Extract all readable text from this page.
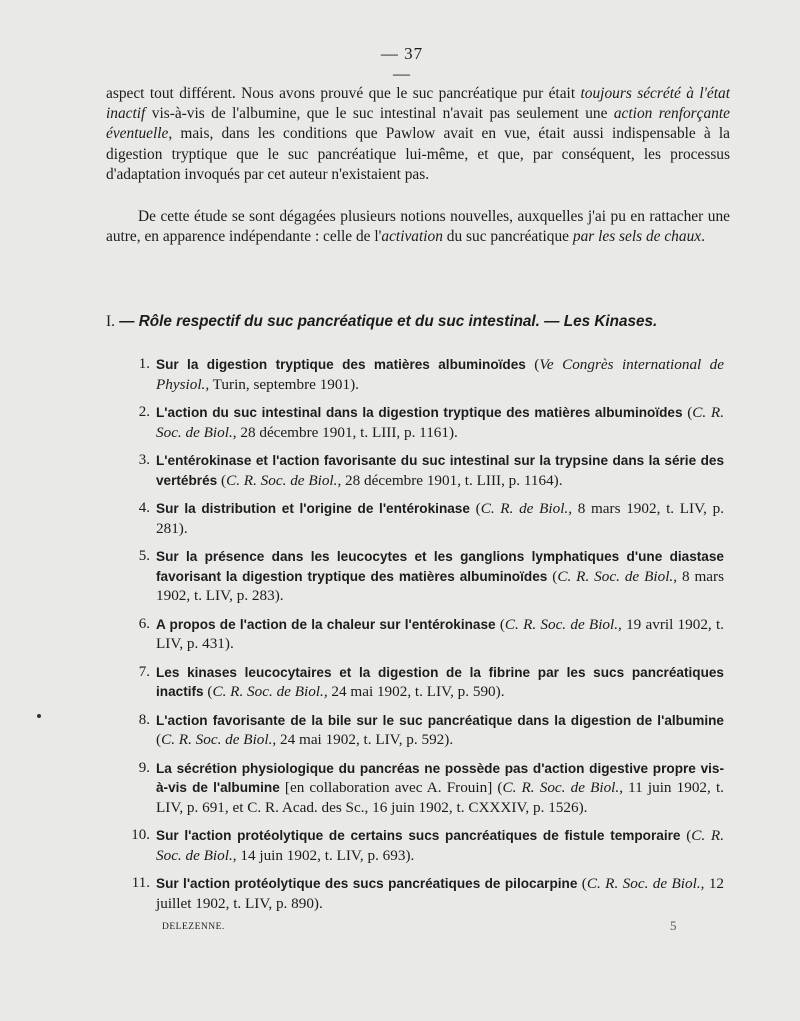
— 37 —

aspect tout différent. Nous avons prouvé que le suc pancréatique pur était toujours sécrété à l'état inactif vis-à-vis de l'albumine, que le suc intestinal n'avait pas seulement une action renforçante éventuelle, mais, dans les conditions que Pawlow avait en vue, était aussi indispensable à la digestion tryptique que le suc pancréatique lui-même, et que, par conséquent, les processus d'adaptation invoqués par cet auteur n'existaient pas.

De cette étude se sont dégagées plusieurs notions nouvelles, auxquelles j'ai pu en rattacher une autre, en apparence indépendante : celle de l'activation du suc pancréatique par les sels de chaux.

I. — Rôle respectif du suc pancréatique et du suc intestinal. — Les Kinases.
1. Sur la digestion tryptique des matières albuminoïdes (Ve Congrès international de Physiol., Turin, septembre 1901).
2. L'action du suc intestinal dans la digestion tryptique des matières albuminoïdes (C. R. Soc. de Biol., 28 décembre 1901, t. LIII, p. 1161).
3. L'entérokinase et l'action favorisante du suc intestinal sur la trypsine dans la série des vertébrés (C. R. Soc. de Biol., 28 décembre 1901, t. LIII, p. 1164).
4. Sur la distribution et l'origine de l'entérokinase (C. R. de Biol., 8 mars 1902, t. LIV, p. 281).
5. Sur la présence dans les leucocytes et les ganglions lymphatiques d'une diastase favorisant la digestion tryptique des matières albuminoïdes (C. R. Soc. de Biol., 8 mars 1902, t. LIV, p. 283).
6. A propos de l'action de la chaleur sur l'entérokinase (C. R. Soc. de Biol., 19 avril 1902, t. LIV, p. 431).
7. Les kinases leucocytaires et la digestion de la fibrine par les sucs pancréatiques inactifs (C. R. Soc. de Biol., 24 mai 1902, t. LIV, p. 590).
8. L'action favorisante de la bile sur le suc pancréatique dans la digestion de l'albumine (C. R. Soc. de Biol., 24 mai 1902, t. LIV, p. 592).
9. La sécrétion physiologique du pancréas ne possède pas d'action digestive propre vis-à-vis de l'albumine [en collaboration avec A. Frouin] (C. R. Soc. de Biol., 11 juin 1902, t. LIV, p. 691, et C. R. Acad. des Sc., 16 juin 1902, t. CXXXIV, p. 1526).
10. Sur l'action protéolytique de certains sucs pancréatiques de fistule temporaire (C. R. Soc. de Biol., 14 juin 1902, t. LIV, p. 693).
11. Sur l'action protéolytique des sucs pancréatiques de pilocarpine (C. R. Soc. de Biol., 12 juillet 1902, t. LIV, p. 890).
DELEZENNE.	5
